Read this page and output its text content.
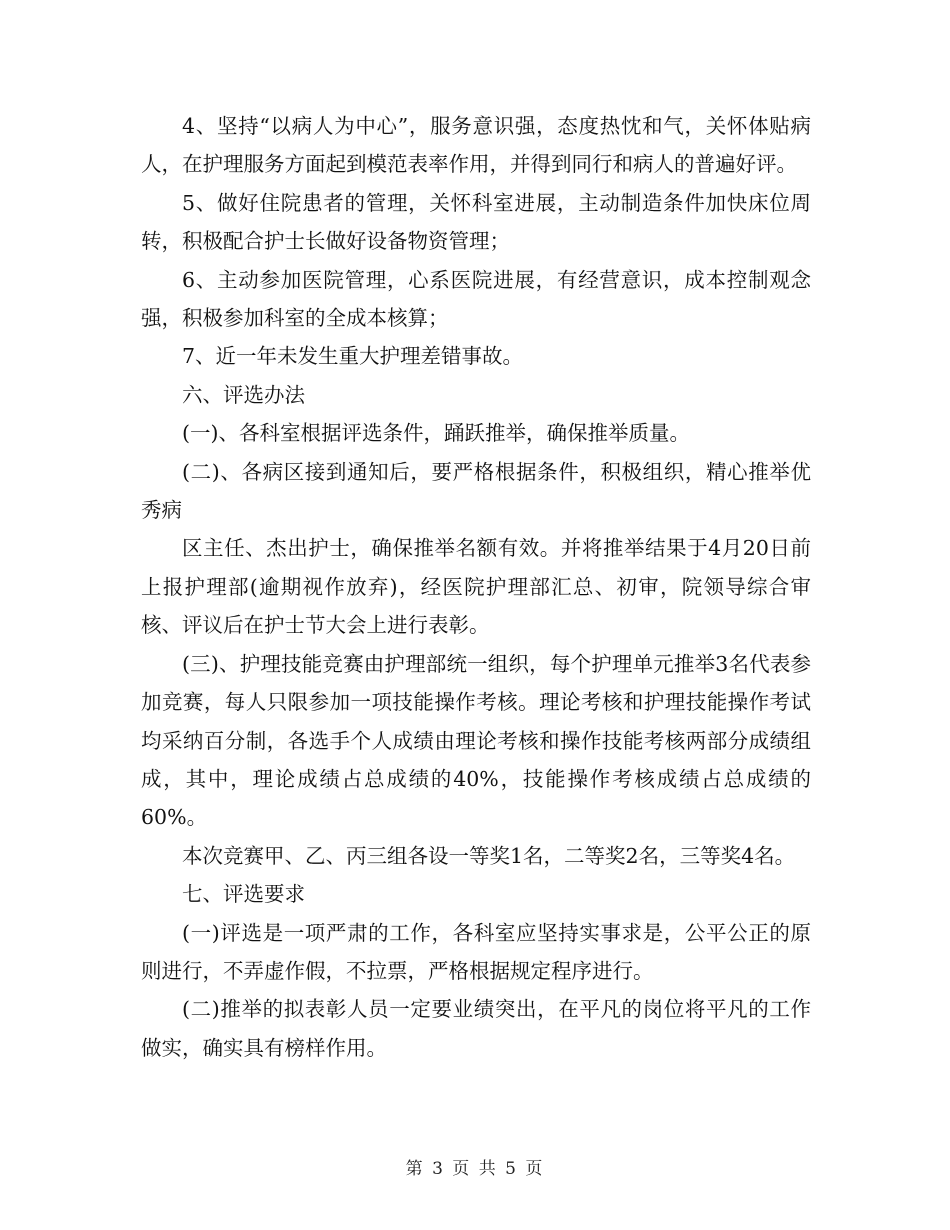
4、坚持“以病人为中心”，服务意识强，态度热忱和气，关怀体贴病人，在护理服务方面起到模范表率作用，并得到同行和病人的普遍好评。

5、做好住院患者的管理，关怀科室进展，主动制造条件加快床位周转，积极配合护士长做好设备物资管理；

6、主动参加医院管理，心系医院进展，有经营意识，成本控制观念强，积极参加科室的全成本核算；

7、近一年未发生重大护理差错事故。

六、评选办法

(一)、各科室根据评选条件，踊跃推举，确保推举质量。

(二)、各病区接到通知后，要严格根据条件，积极组织，精心推举优秀病

区主任、杰出护士，确保推举名额有效。并将推举结果于4月20日前上报护理部(逾期视作放弃)，经医院护理部汇总、初审，院领导综合审核、评议后在护士节大会上进行表彰。

(三)、护理技能竞赛由护理部统一组织，每个护理单元推举3名代表参加竞赛，每人只限参加一项技能操作考核。理论考核和护理技能操作考试均采纳百分制，各选手个人成绩由理论考核和操作技能考核两部分成绩组成，其中，理论成绩占总成绩的40%，技能操作考核成绩占总成绩的60%。

本次竞赛甲、乙、丙三组各设一等奖1名，二等奖2名，三等奖4名。

七、评选要求

(一)评选是一项严肃的工作，各科室应坚持实事求是，公平公正的原则进行，不弄虚作假，不拉票，严格根据规定程序进行。

(二)推举的拟表彰人员一定要业绩突出，在平凡的岗位将平凡的工作做实，确实具有榜样作用。

第 3 页 共 5 页
